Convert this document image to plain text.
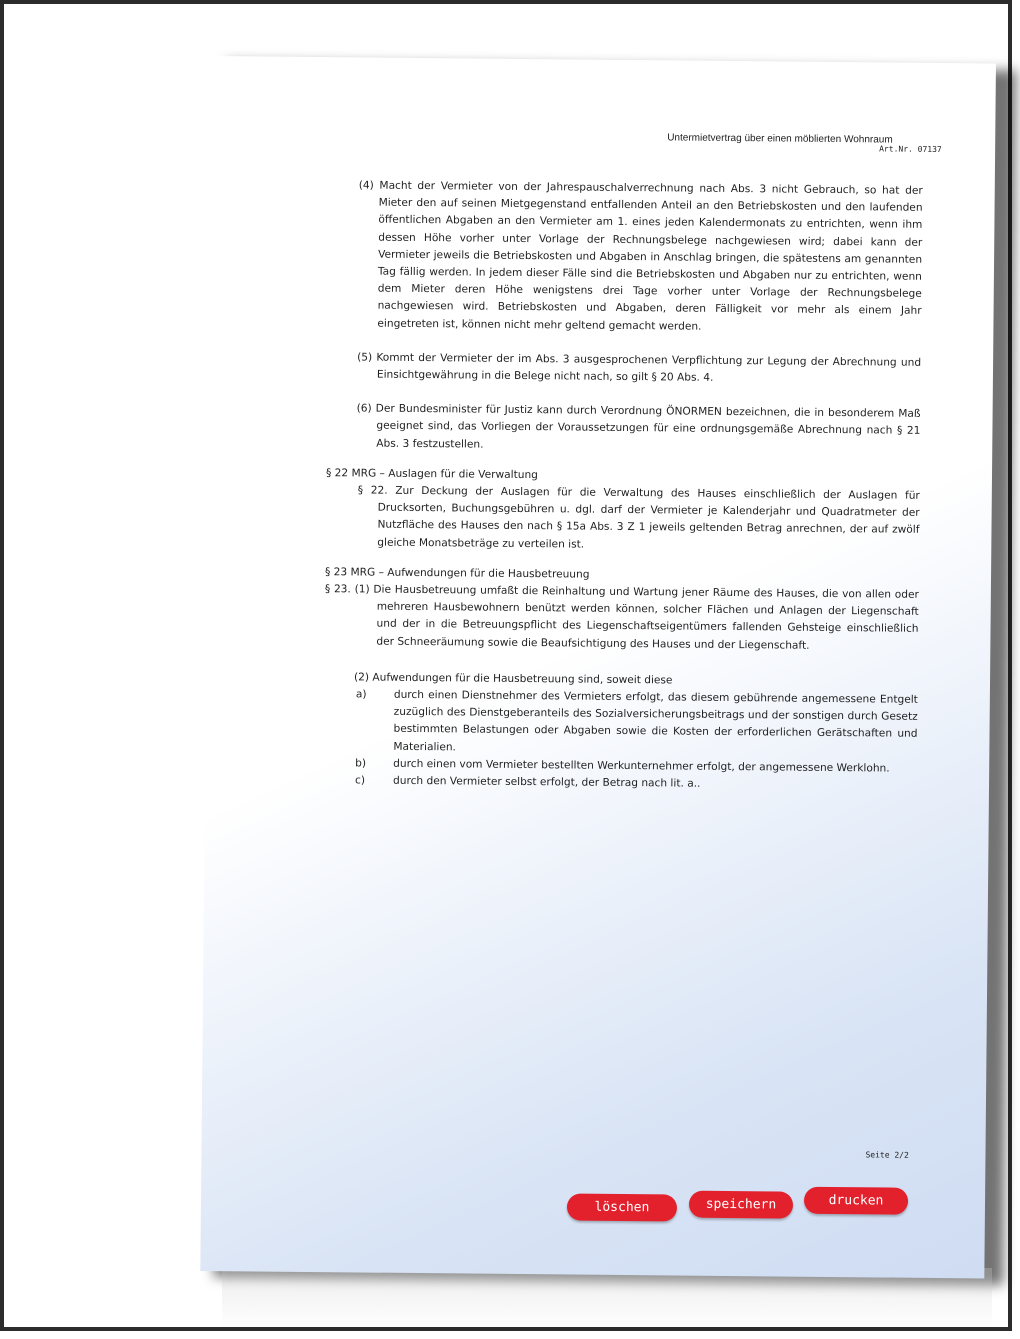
Untermietvertrag über einen möblierten Wohnraum
Art.Nr. 07137

(4) Macht der Vermieter von der Jahrespauschalverrechnung nach Abs. 3 nicht Gebrauch, so hat der Mieter den auf seinen Mietgegenstand entfallenden Anteil an den Betriebskosten und den laufenden öffentlichen Abgaben an den Vermieter am 1. eines jeden Kalendermonats zu entrichten, wenn ihm dessen Höhe vorher unter Vorlage der Rechnungsbelege nachgewiesen wird; dabei kann der Vermieter jeweils die Betriebskosten und Abgaben in Anschlag bringen, die spätestens am genannten Tag fällig werden. In jedem dieser Fälle sind die Betriebskosten und Abgaben nur zu entrichten, wenn dem Mieter deren Höhe wenigstens drei Tage vorher unter Vorlage der Rechnungsbelege nachgewiesen wird. Betriebskosten und Abgaben, deren Fälligkeit vor mehr als einem Jahr eingetreten ist, können nicht mehr geltend gemacht werden.

(5) Kommt der Vermieter der im Abs. 3 ausgesprochenen Verpflichtung zur Legung der Abrechnung und Einsichtgewährung in die Belege nicht nach, so gilt § 20 Abs. 4.

(6) Der Bundesminister für Justiz kann durch Verordnung ÖNORMEN bezeichnen, die in besonderem Maß geeignet sind, das Vorliegen der Voraussetzungen für eine ordnungsgemäße Abrechnung nach § 21 Abs. 3 festzustellen.

§ 22 MRG – Auslagen für die Verwaltung

§ 22. Zur Deckung der Auslagen für die Verwaltung des Hauses einschließlich der Auslagen für Drucksorten, Buchungsgebühren u. dgl. darf der Vermieter je Kalenderjahr und Quadratmeter der Nutzfläche des Hauses den nach § 15a Abs. 3 Z 1 jeweils geltenden Betrag anrechnen, der auf zwölf gleiche Monatsbeträge zu verteilen ist.

§ 23 MRG – Aufwendungen für die Hausbetreuung

§ 23. (1) Die Hausbetreuung umfaßt die Reinhaltung und Wartung jener Räume des Hauses, die von allen oder mehreren Hausbewohnern benützt werden können, solcher Flächen und Anlagen der Liegenschaft und der in die Betreuungspflicht des Liegenschaftseigentümers fallenden Gehsteige einschließlich der Schneeräumung sowie die Beaufsichtigung des Hauses und der Liegenschaft.

(2) Aufwendungen für die Hausbetreuung sind, soweit diese
a)	durch einen Dienstnehmer des Vermieters erfolgt, das diesem gebührende angemessene Entgelt zuzüglich des Dienstgeberanteils des Sozialversicherungsbeitrags und der sonstigen durch Gesetz bestimmten Belastungen oder Abgaben sowie die Kosten der erforderlichen Gerätschaften und Materialien.
b)	durch einen vom Vermieter bestellten Werkunternehmer erfolgt, der angemessene Werklohn.
c)	durch den Vermieter selbst erfolgt, der Betrag nach lit. a..
Seite 2/2
löschen	speichern	drucken
